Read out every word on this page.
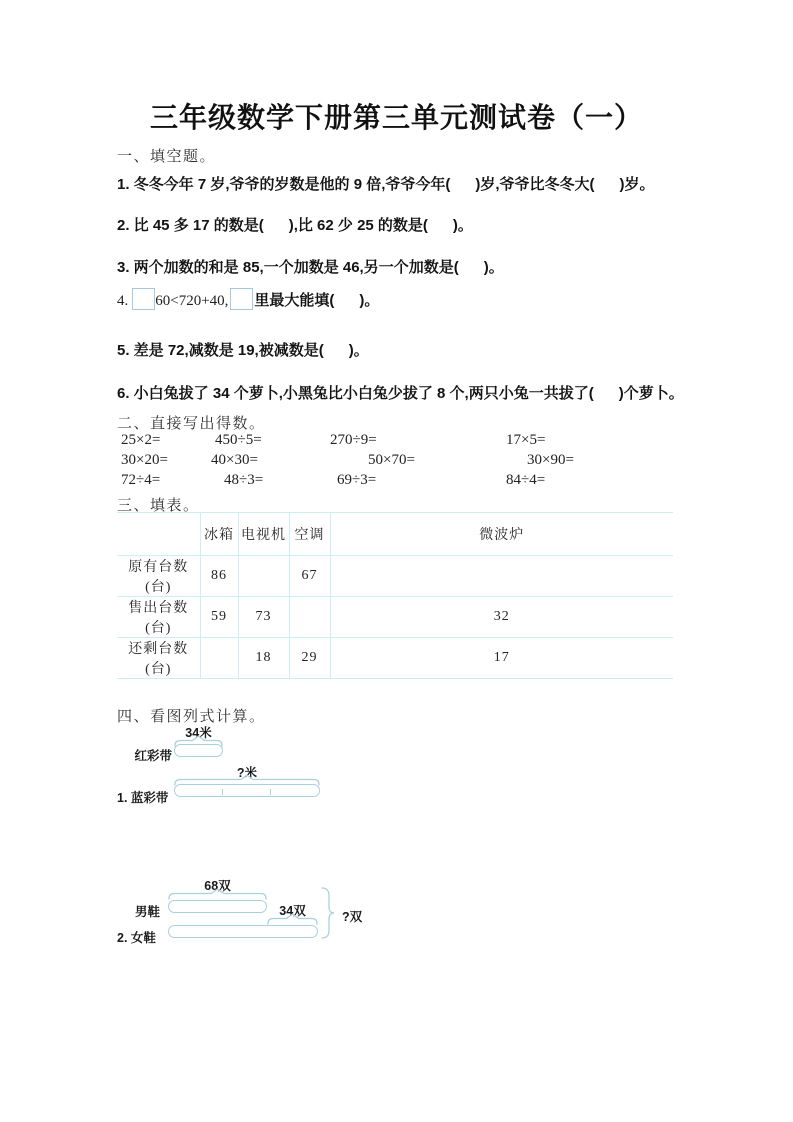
三年级数学下册第三单元测试卷（一）
一、填空题。
1. 冬冬今年 7 岁,爷爷的岁数是他的 9 倍,爷爷今年(      )岁,爷爷比冬冬大(      )岁。
2. 比 45 多 17 的数是(      ),比 62 少 25 的数是(      )。
3. 两个加数的和是 85,一个加数是 46,另一个加数是(      )。
4. 60<720+40, 里最大能填(      )。
5. 差是 72,减数是 19,被减数是(      )。
6. 小白兔拔了 34 个萝卜,小黑兔比小白兔少拔了 8 个,两只小兔一共拔了(      )个萝卜。
二、直接写出得数。
25×2=	450÷5=	270÷9=	17×5=
30×20=	40×30=	50×70=	30×90=
72÷4=	48÷3=	69÷3=	84÷4=
三、填表。
	冰箱	电视机	空调	微波炉
原有台数(台)	86		67	
售出台数(台)	59	73		32
还剩台数(台)		18	29	17
四、看图列式计算。
34米
红彩带
?米
1. 蓝彩带
68双
男鞋	34双
2. 女鞋
?双
